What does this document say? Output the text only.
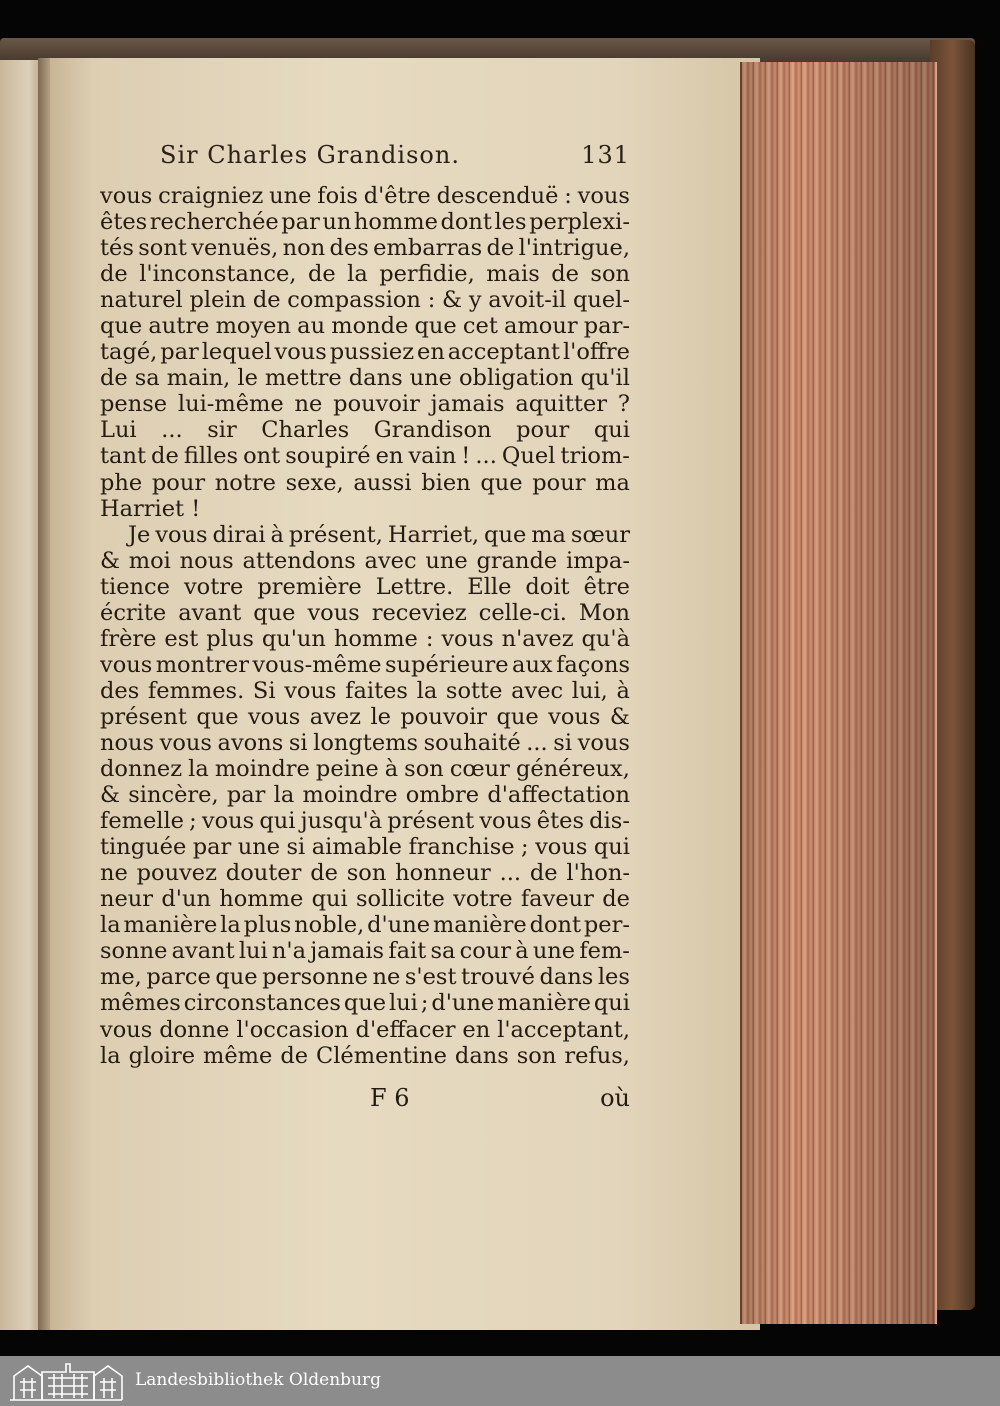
Sir Charles Grandison.	131
vous craigniez une fois d'être descenduë : vous
êtes recherchée par un homme dont les perplexi-
tés sont venuës, non des embarras de l'intrigue,
de l'inconstance, de la perfidie, mais de son
naturel plein de compassion : & y avoit-il quel-
que autre moyen au monde que cet amour par-
tagé, par lequel vous pussiez en acceptant l'offre
de sa main, le mettre dans une obligation qu'il
pense lui-même ne pouvoir jamais aquitter ?
Lui ... sir Charles Grandison pour qui
tant de filles ont soupiré en vain ! ... Quel triom-
phe pour notre sexe, aussi bien que pour ma
Harriet !
Je vous dirai à présent, Harriet, que ma sœur
& moi nous attendons avec une grande impa-
tience votre première Lettre. Elle doit être
écrite avant que vous receviez celle-ci. Mon
frère est plus qu'un homme : vous n'avez qu'à
vous montrer vous-même supérieure aux façons
des femmes. Si vous faites la sotte avec lui, à
présent que vous avez le pouvoir que vous &
nous vous avons si longtems souhaité ... si vous
donnez la moindre peine à son cœur généreux,
& sincère, par la moindre ombre d'affectation
femelle ; vous qui jusqu'à présent vous êtes dis-
tinguée par une si aimable franchise ; vous qui
ne pouvez douter de son honneur ... de l'hon-
neur d'un homme qui sollicite votre faveur de
la manière la plus noble, d'une manière dont per-
sonne avant lui n'a jamais fait sa cour à une fem-
me, parce que personne ne s'est trouvé dans les
mêmes circonstances que lui ; d'une manière qui
vous donne l'occasion d'effacer en l'acceptant,
la gloire même de Clémentine dans son refus,
F 6	où
Landesbibliothek Oldenburg
